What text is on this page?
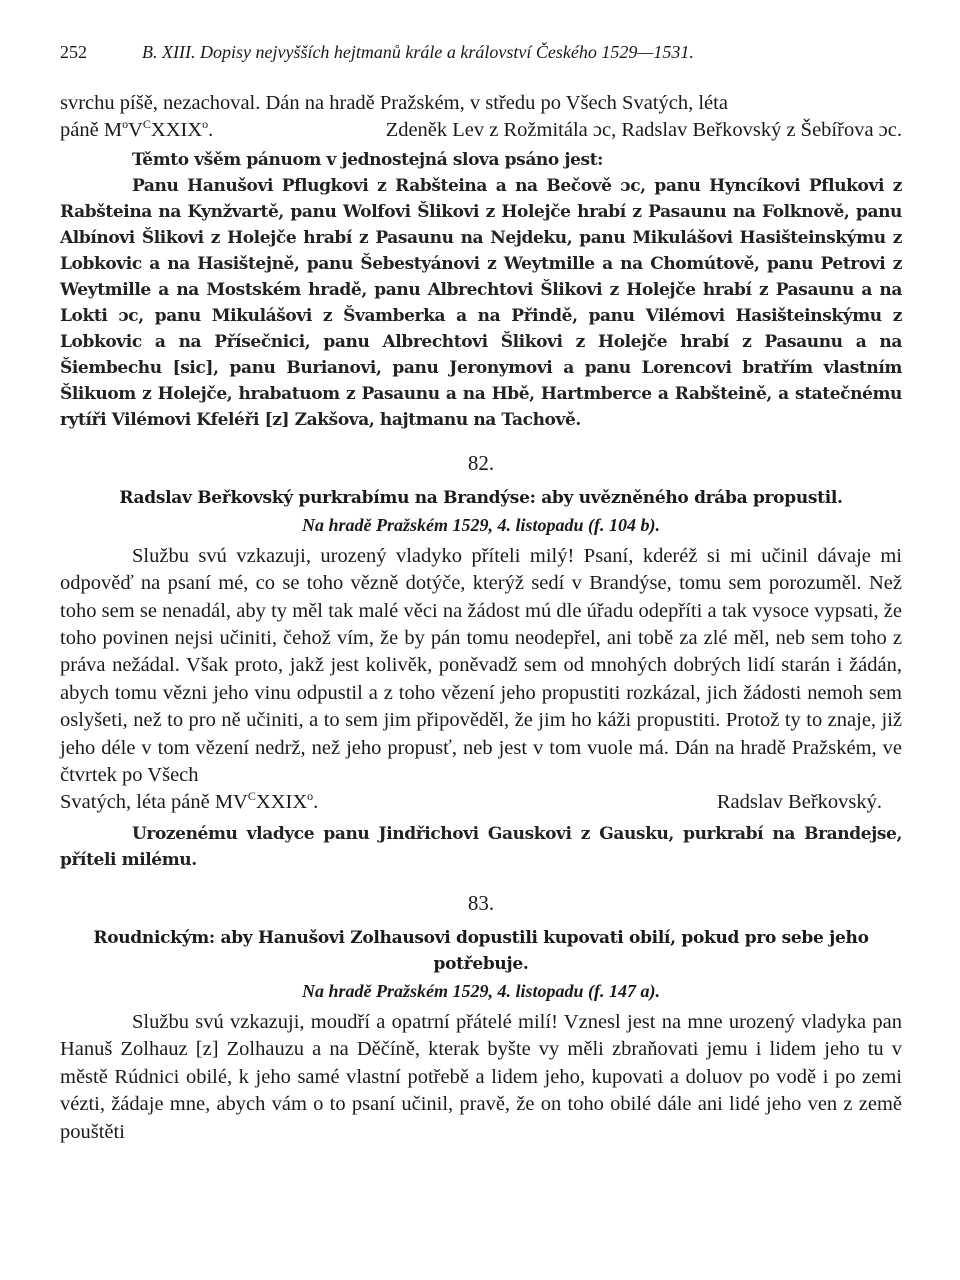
252	B. XIII. Dopisy nejvyšších hejtmanů krále a království Českého 1529—1531.

svrchu píšě, nezachoval. Dán na hradě Pražském, v středu po Všech Svatých, léta

páně $M^oV^CXXIX^o$.	Zdeněk Lev z Rožmitála ɔc, Radslav Beřkovský z Šebířova ɔc.

Těmto všěm pánuom v jednostejná slova psáno jest:

Panu Hanušovi Pflugkovi z Rabšteina a na Bečově ɔc, panu Hyncíkovi Pflukovi z Rabšteina na Kynžvartě, panu Wolfovi Šlikovi z Holejče hrabí z Pasaunu na Folknově, panu Albínovi Šlikovi z Holejče hrabí z Pasaunu na Nejdeku, panu Mikulášovi Hasišteinskýmu z Lobkovic a na Hasištejně, panu Šebestyánovi z Weytmille a na Chomútově, panu Petrovi z Weytmille a na Mostském hradě, panu Albrechtovi Šlikovi z Holejče hrabí z Pasaunu a na Lokti ɔc, panu Mikulášovi z Švamberka a na Přindě, panu Vilémovi Hasišteinskýmu z Lobkovic a na Přísečnici, panu Albrechtovi Šlikovi z Holejče hrabí z Pasaunu a na Šiembechu [sic], panu Burianovi, panu Jeronymovi a panu Lorencovi bratřím vlastním Šlikuom z Holejče, hrabatuom z Pasaunu a na Hbě, Hartmberce a Rabšteině, a statečnému rytíři Vilémovi Kfeléři [z] Zakšova, hajtmanu na Tachově.

82.
Radslav Beřkovský purkrabímu na Brandýse: aby uvězněného drába propustil.
Na hradě Pražském 1529, 4. listopadu (f. 104 b).

Službu svú vzkazuji, urozený vladyko příteli milý! Psaní, kderéž si mi učinil dávaje mi odpověď na psaní mé, co se toho vězně dotýče, kterýž sedí v Brandýse, tomu sem porozuměl. Než toho sem se nenadál, aby ty měl tak malé věci na žádost mú dle úřadu odepříti a tak vysoce vypsati, že toho povinen nejsi učiniti, čehož vím, že by pán tomu neodepřel, ani tobě za zlé měl, neb sem toho z práva nežádal. Však proto, jakž jest kolivěk, poněvadž sem od mnohých dobrých lidí starán i žádán, abych tomu vězni jeho vinu odpustil a z toho vězení jeho propustiti rozkázal, jich žádosti nemoh sem oslyšeti, než to pro ně učiniti, a to sem jim připověděl, že jim ho káži propustiti. Protož ty to znaje, již jeho déle v tom vězení nedrž, než jeho propusť, neb jest v tom vuole má. Dán na hradě Pražském, ve čtvrtek po Všech

Svatých, léta páně $MV^CXXIX^o$.	Radslav Beřkovský.

Urozenému vladyce panu Jindřichovi Gauskovi z Gausku, purkrabí na Brandejse, příteli milému.

83.
Roudnickým: aby Hanušovi Zolhausovi dopustili kupovati obilí, pokud pro sebe jeho potřebuje.
Na hradě Pražském 1529, 4. listopadu (f. 147 a).

Službu svú vzkazuji, moudří a opatrní přátelé milí! Vznesl jest na mne urozený vladyka pan Hanuš Zolhauz [z] Zolhauzu a na Děčíně, kterak byšte vy měli zbraňovati jemu i lidem jeho tu v městě Rúdnici obilé, k jeho samé vlastní potřebě a lidem jeho, kupovati a doluov po vodě i po zemi vézti, žádaje mne, abych vám o to psaní učinil, pravě, že on toho obilé dále ani lidé jeho ven z země pouštěti
